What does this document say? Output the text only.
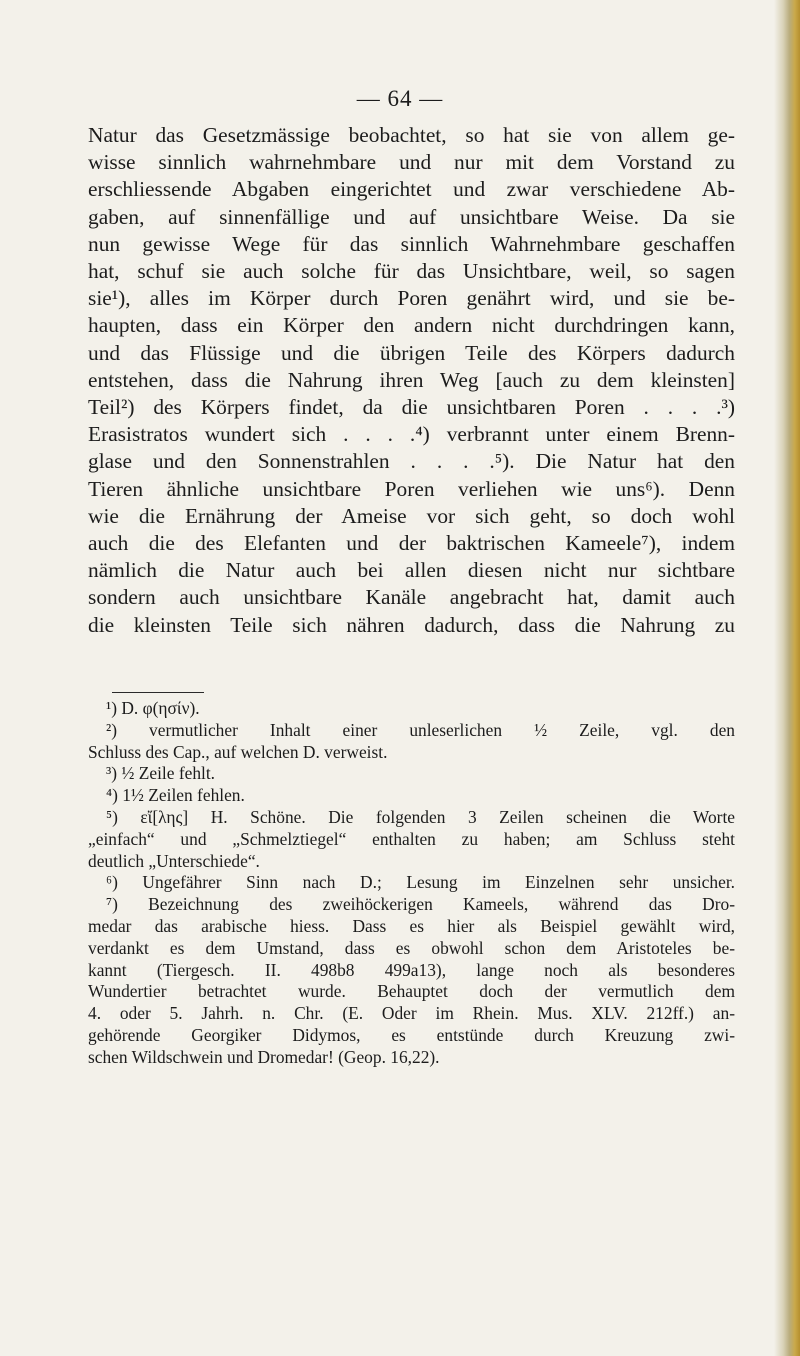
— 64 —
Natur das Gesetzmässige beobachtet, so hat sie von allem ge-
wisse sinnlich wahrnehmbare und nur mit dem Vorstand zu
erschliessende Abgaben eingerichtet und zwar verschiedene Ab-
gaben, auf sinnenfällige und auf unsichtbare Weise. Da sie
nun gewisse Wege für das sinnlich Wahrnehmbare geschaffen
hat, schuf sie auch solche für das Unsichtbare, weil, so sagen
sie¹), alles im Körper durch Poren genährt wird, und sie be-
haupten, dass ein Körper den andern nicht durchdringen kann,
und das Flüssige und die übrigen Teile des Körpers dadurch
entstehen, dass die Nahrung ihren Weg [auch zu dem kleinsten]
Teil²) des Körpers findet, da die unsichtbaren Poren . . . .³)
Erasistratos wundert sich . . . .⁴) verbrannt unter einem Brenn-
glase und den Sonnenstrahlen . . . .⁵). Die Natur hat den
Tieren ähnliche unsichtbare Poren verliehen wie uns⁶). Denn
wie die Ernährung der Ameise vor sich geht, so doch wohl
auch die des Elefanten und der baktrischen Kameele⁷), indem
nämlich die Natur auch bei allen diesen nicht nur sichtbare
sondern auch unsichtbare Kanäle angebracht hat, damit auch
die kleinsten Teile sich nähren dadurch, dass die Nahrung zu
¹) D. φ(ησίν).
²) vermutlicher Inhalt einer unleserlichen ½ Zeile, vgl. den
Schluss des Cap., auf welchen D. verweist.
³) ½ Zeile fehlt.
⁴) 1½ Zeilen fehlen.
⁵) εἴ[λης] H. Schöne. Die folgenden 3 Zeilen scheinen die Worte
„einfach“ und „Schmelztiegel“ enthalten zu haben; am Schluss steht
deutlich „Unterschiede“.
⁶) Ungefährer Sinn nach D.; Lesung im Einzelnen sehr unsicher.
⁷) Bezeichnung des zweihöckerigen Kameels, während das Dro-
medar das arabische hiess. Dass es hier als Beispiel gewählt wird,
verdankt es dem Umstand, dass es obwohl schon dem Aristoteles be-
kannt (Tiergesch. II. 498b8 499a13), lange noch als besonderes
Wundertier betrachtet wurde. Behauptet doch der vermutlich dem
4. oder 5. Jahrh. n. Chr. (E. Oder im Rhein. Mus. XLV. 212ff.) an-
gehörende Georgiker Didymos, es entstünde durch Kreuzung zwi-
schen Wildschwein und Dromedar! (Geop. 16,22).
